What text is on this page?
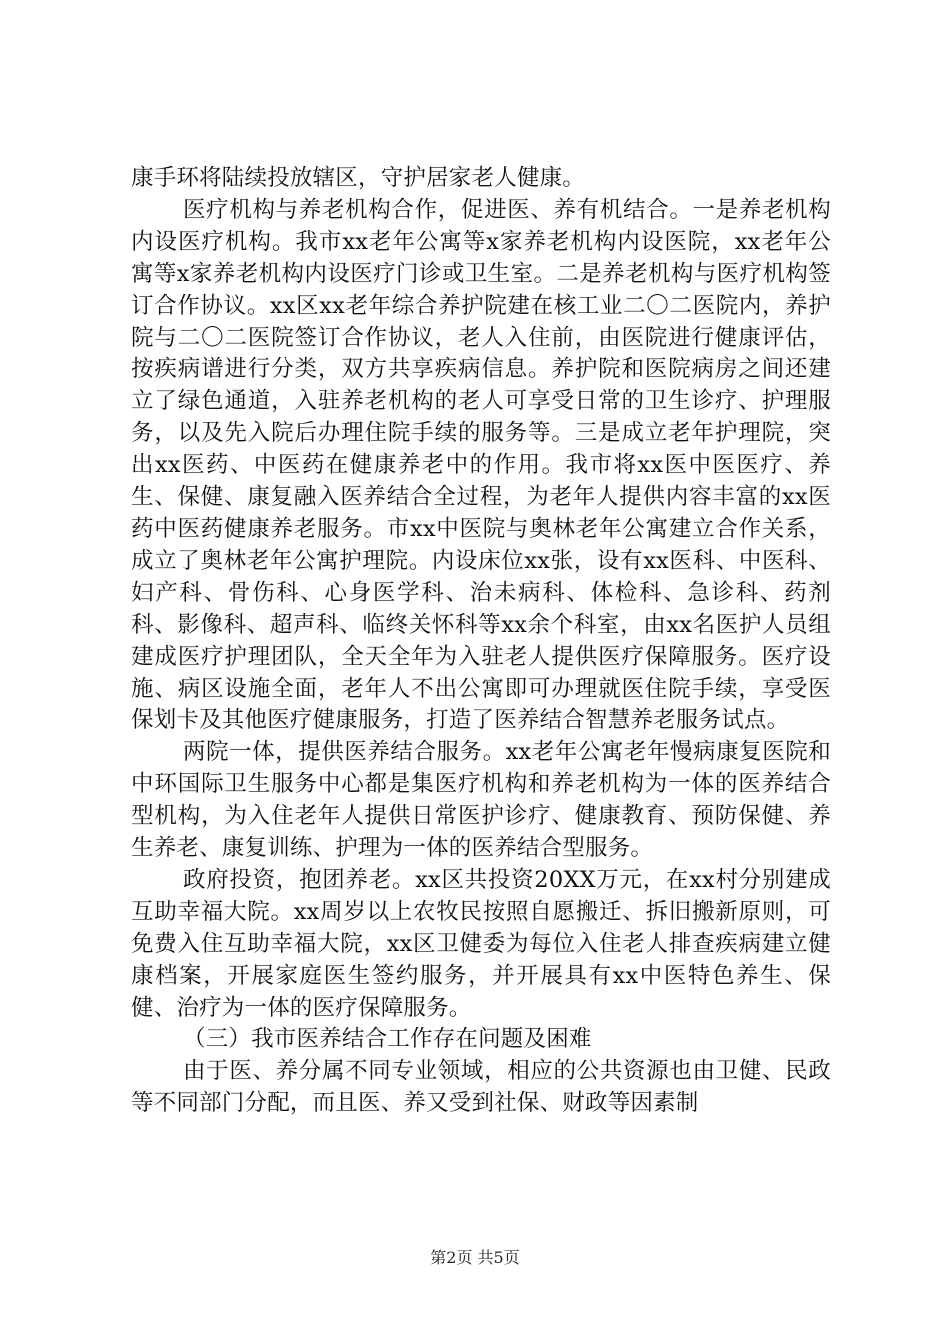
康手环将陆续投放辖区，守护居家老人健康。

医疗机构与养老机构合作，促进医、养有机结合。一是养老机构内设医疗机构。我市xx老年公寓等x家养老机构内设医院，xx老年公寓等x家养老机构内设医疗门诊或卫生室。二是养老机构与医疗机构签订合作协议。xx区xx老年综合养护院建在核工业二〇二医院内，养护院与二〇二医院签订合作协议，老人入住前，由医院进行健康评估，按疾病谱进行分类，双方共享疾病信息。养护院和医院病房之间还建立了绿色通道，入驻养老机构的老人可享受日常的卫生诊疗、护理服务，以及先入院后办理住院手续的服务等。三是成立老年护理院，突出xx医药、中医药在健康养老中的作用。我市将xx医中医医疗、养生、保健、康复融入医养结合全过程，为老年人提供内容丰富的xx医药中医药健康养老服务。市xx中医院与奥林老年公寓建立合作关系，成立了奥林老年公寓护理院。内设床位xx张，设有xx医科、中医科、妇产科、骨伤科、心身医学科、治未病科、体检科、急诊科、药剂科、影像科、超声科、临终关怀科等xx余个科室，由xx名医护人员组建成医疗护理团队，全天全年为入驻老人提供医疗保障服务。医疗设施、病区设施全面，老年人不出公寓即可办理就医住院手续，享受医保划卡及其他医疗健康服务，打造了医养结合智慧养老服务试点。

两院一体，提供医养结合服务。xx老年公寓老年慢病康复医院和中环国际卫生服务中心都是集医疗机构和养老机构为一体的医养结合型机构，为入住老年人提供日常医护诊疗、健康教育、预防保健、养生养老、康复训练、护理为一体的医养结合型服务。

政府投资，抱团养老。xx区共投资20XX万元，在xx村分别建成互助幸福大院。xx周岁以上农牧民按照自愿搬迁、拆旧搬新原则，可免费入住互助幸福大院，xx区卫健委为每位入住老人排查疾病建立健康档案，开展家庭医生签约服务，并开展具有xx中医特色养生、保健、治疗为一体的医疗保障服务。

（三）我市医养结合工作存在问题及困难

由于医、养分属不同专业领域，相应的公共资源也由卫健、民政等不同部门分配，而且医、养又受到社保、财政等因素制

第2页 共5页
